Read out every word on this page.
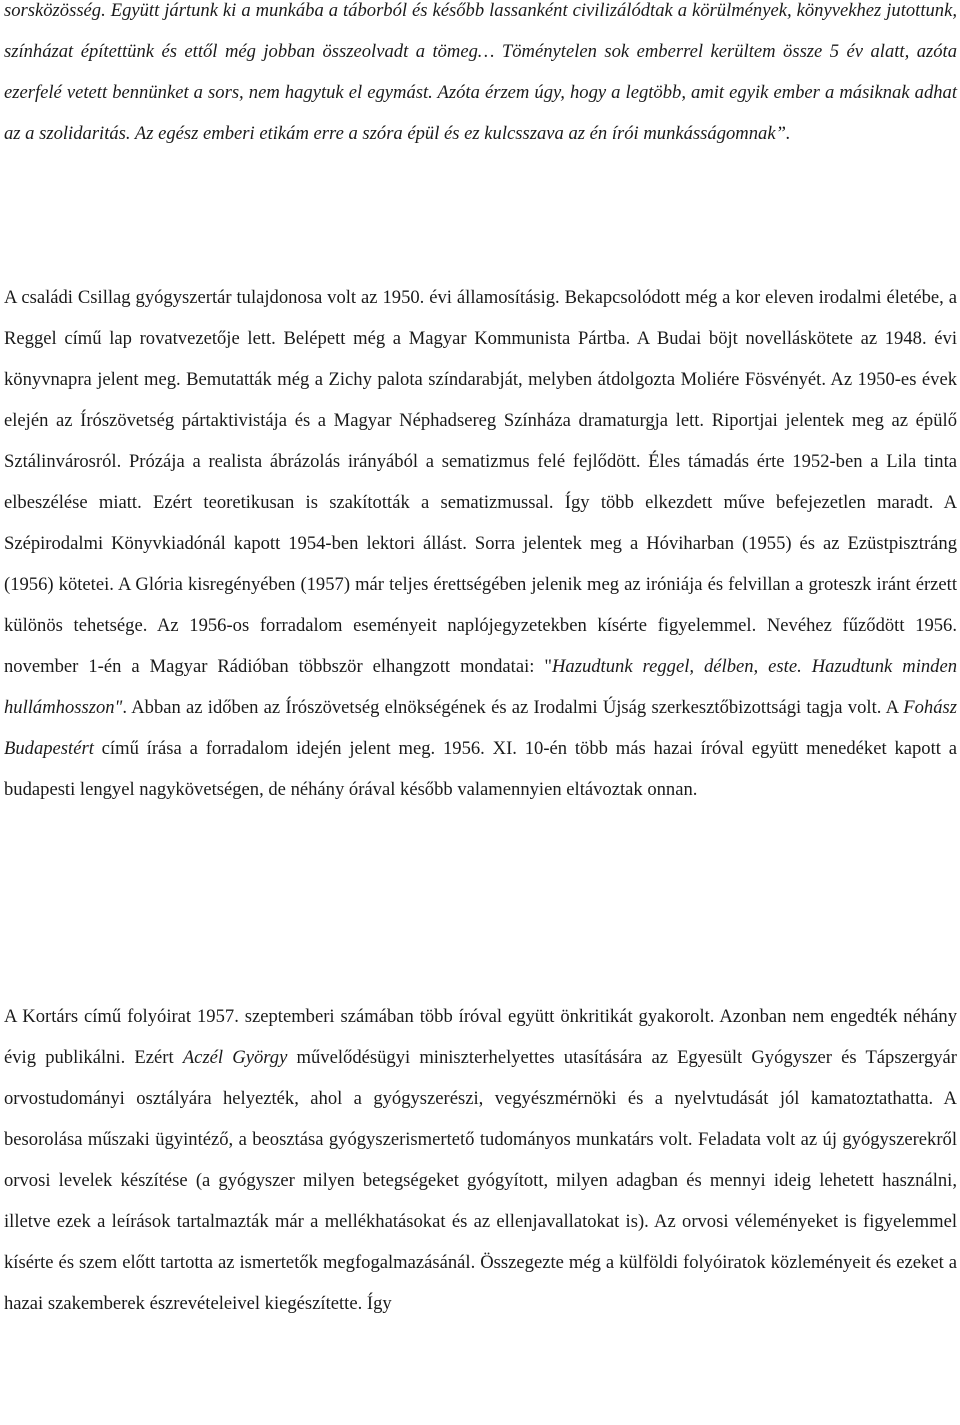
sorsközösség. Együtt jártunk ki a munkába a táborból és később lassanként civilizálódtak a körülmények, könyvekhez jutottunk, színházat építettünk és ettől még jobban összeolvadt a tömeg… Töménytelen sok emberrel kerültem össze 5 év alatt, azóta ezerfelé vetett bennünket a sors, nem hagytuk el egymást. Azóta érzem úgy, hogy a legtöbb, amit egyik ember a másiknak adhat az a szolidaritás. Az egész emberi etikám erre a szóra épül és ez kulcsszava az én írói munkásságomnak”.

A családi Csillag gyógyszertár tulajdonosa volt az 1950. évi államosításig. Bekapcsolódott még a kor eleven irodalmi életébe, a Reggel című lap rovatvezetője lett. Belépett még a Magyar Kommunista Pártba. A Budai böjt novelláskötete az 1948. évi könyvnapra jelent meg. Bemutatták még a Zichy palota színdarabját, melyben átdolgozta Moliére Fösvényét. Az 1950-es évek elején az Írószövetség pártaktivistája és a Magyar Néphadsereg Színháza dramaturgja lett. Riportjai jelentek meg az épülő Sztálinvárosról. Prózája a realista ábrázolás irányából a sematizmus felé fejlődött. Éles támadás érte 1952-ben a Lila tinta elbeszélése miatt. Ezért teoretikusan is szakították a sematizmussal. Így több elkezdett műve befejezetlen maradt. A Szépirodalmi Könyvkiadónál kapott 1954-ben lektori állást. Sorra jelentek meg a Hóviharban (1955) és az Ezüstpisztráng (1956) kötetei. A Glória kisregényében (1957) már teljes érettségében jelenik meg az iróniája és felvillan a groteszk iránt érzett különös tehetsége. Az 1956-os forradalom eseményeit naplójegyzetekben kísérte figyelemmel. Nevéhez fűződött 1956. november 1-én a Magyar Rádióban többször elhangzott mondatai: "Hazudtunk reggel, délben, este. Hazudtunk minden hullámhosszon". Abban az időben az Írószövetség elnökségének és az Irodalmi Újság szerkesztőbizottsági tagja volt. A Fohász Budapestért című írása a forradalom idején jelent meg. 1956. XI. 10-én több más hazai íróval együtt menedéket kapott a budapesti lengyel nagykövetségen, de néhány órával később valamennyien eltávoztak onnan.

A Kortárs című folyóirat 1957. szeptemberi számában több íróval együtt önkritikát gyakorolt. Azonban nem engedték néhány évig publikálni. Ezért Aczél György művelődésügyi miniszterhelyettes utasítására az Egyesült Gyógyszer és Tápszergyár orvostudományi osztályára helyezték, ahol a gyógyszerészi, vegyészmérnöki és a nyelvtudását jól kamatoztathatta. A besorolása műszaki ügyintéző, a beosztása gyógyszerismertető tudományos munkatárs volt. Feladata volt az új gyógyszerekről orvosi levelek készítése (a gyógyszer milyen betegségeket gyógyított, milyen adagban és mennyi ideig lehetett használni, illetve ezek a leírások tartalmazták már a mellékhatásokat és az ellenjavallatokat is). Az orvosi véleményeket is figyelemmel kísérte és szem előtt tartotta az ismertetők megfogalmazásánál. Összegezte még a külföldi folyóiratok közleményeit és ezeket a hazai szakemberek észrevételeivel kiegészítette. Így
